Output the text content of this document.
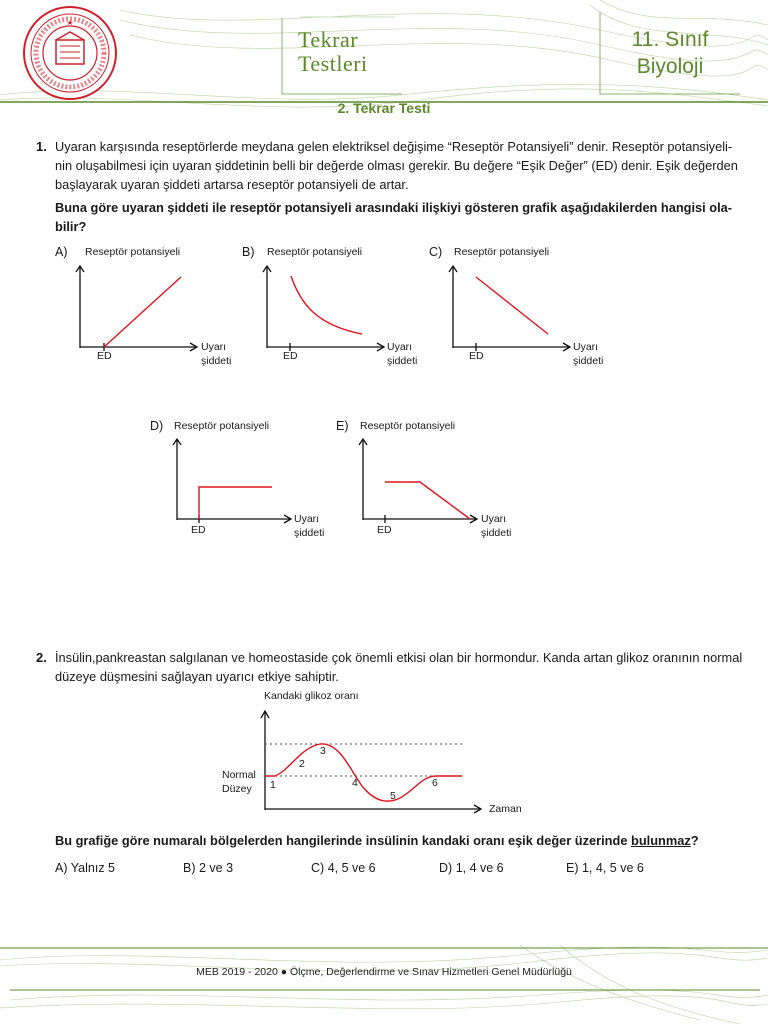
Tekrar
Testleri
11. Sınıf
Biyoloji
2. Tekrar Testi
1. Uyaran karşısında reseptörlerde meydana gelen elektriksel değişime “Reseptör Potansiyeli” denir. Reseptör potansiyeli-nin oluşabilmesi için uyaran şiddetinin belli bir değerde olması gerekir. Bu değere “Eşik Değer” (ED) denir. Eşik değerden başlayarak uyaran şiddeti artarsa reseptör potansiyeli de artar.
Buna göre uyaran şiddeti ile reseptör potansiyeli arasındaki ilişkiyi gösteren grafik aşağıdakilerden hangisi ola-bilir?
A) Reseptör potansiyeli
ED
Uyarı
şiddeti
B) Reseptör potansiyeli
ED
Uyarı
şiddeti
C) Reseptör potansiyeli
ED
Uyarı
şiddeti
D) Reseptör potansiyeli
ED
Uyarı
şiddeti
E) Reseptör potansiyeli
ED
Uyarı
şiddeti
2. İnsülin,pankreastan salgılanan ve homeostaside çok önemli etkisi olan bir hormondur. Kanda artan glikoz oranının normal düzeye düşmesini sağlayan uyarıcı etkiye sahiptir.
Kandaki glikoz oranı
Zaman
Normal
Düzey 1
2
3
4
5
6
Bu grafiğe göre numaralı bölgelerden hangilerinde insülinin kandaki oranı eşik değer üzerinde bulunmaz?
A) Yalnız 5	B) 2 ve 3	C) 4, 5 ve 6	D) 1, 4 ve 6	E) 1, 4, 5 ve 6
MEB 2019 - 2020 ● Ölçme, Değerlendirme ve Sınav Hizmetleri Genel Müdürlüğü
